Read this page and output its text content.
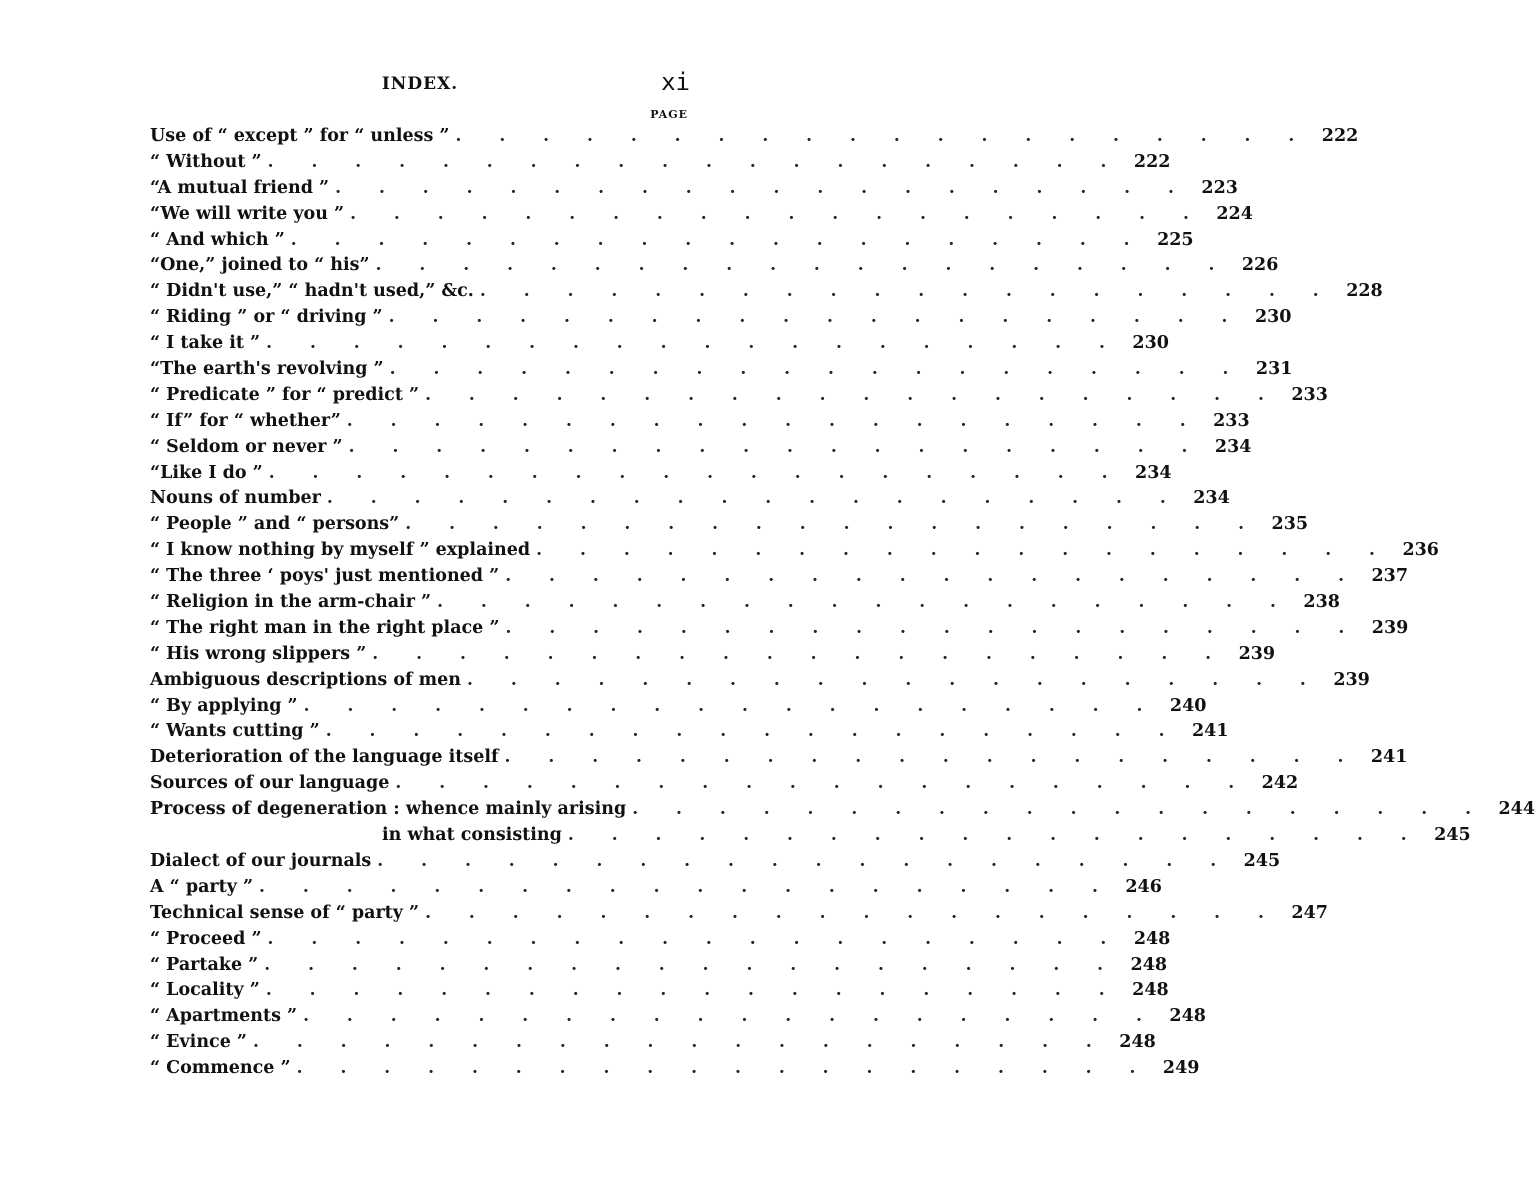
INDEX.	xi
PAGE
Use of “ except ” for “ unless ” . . . . . . . . . . . . . . . . . . . . 222
“ Without ” . . . . . . . . . . . . . . . . . . . . 222
“A mutual friend ” . . . . . . . . . . . . . . . . . . . . 223
“We will write you ” . . . . . . . . . . . . . . . . . . . . 224
“ And which ” . . . . . . . . . . . . . . . . . . . . 225
“One,” joined to “ his” . . . . . . . . . . . . . . . . . . . . 226
“ Didn't use,” “ hadn't used,” &c. . . . . . . . . . . . . . . . . . . . . 228
“ Riding ” or “ driving ” . . . . . . . . . . . . . . . . . . . . 230
“ I take it ” . . . . . . . . . . . . . . . . . . . . 230
“The earth's revolving ” . . . . . . . . . . . . . . . . . . . . 231
“ Predicate ” for “ predict ” . . . . . . . . . . . . . . . . . . . . 233
“ If” for “ whether” . . . . . . . . . . . . . . . . . . . . 233
“ Seldom or never ” . . . . . . . . . . . . . . . . . . . . 234
“Like I do ” . . . . . . . . . . . . . . . . . . . . 234
Nouns of number . . . . . . . . . . . . . . . . . . . . 234
“ People ” and “ persons” . . . . . . . . . . . . . . . . . . . . 235
“ I know nothing by myself ” explained . . . . . . . . . . . . . . . . . . . . 236
“ The three ‘ poys' just mentioned ” . . . . . . . . . . . . . . . . . . . . 237
“ Religion in the arm-chair ” . . . . . . . . . . . . . . . . . . . . 238
“ The right man in the right place ” . . . . . . . . . . . . . . . . . . . . 239
“ His wrong slippers ” . . . . . . . . . . . . . . . . . . . . 239
Ambiguous descriptions of men . . . . . . . . . . . . . . . . . . . . 239
“ By applying ” . . . . . . . . . . . . . . . . . . . . 240
“ Wants cutting ” . . . . . . . . . . . . . . . . . . . . 241
Deterioration of the language itself . . . . . . . . . . . . . . . . . . . . 241
Sources of our language . . . . . . . . . . . . . . . . . . . . 242
Process of degeneration : whence mainly arising . . . . . . . . . . . . . . . . . . . . 244
in what consisting . . . . . . . . . . . . . . . . . . . . 245
Dialect of our journals . . . . . . . . . . . . . . . . . . . . 245
A “ party ” . . . . . . . . . . . . . . . . . . . . 246
Technical sense of “ party ” . . . . . . . . . . . . . . . . . . . . 247
“ Proceed ” . . . . . . . . . . . . . . . . . . . . 248
“ Partake ” . . . . . . . . . . . . . . . . . . . . 248
“ Locality ” . . . . . . . . . . . . . . . . . . . . 248
“ Apartments ” . . . . . . . . . . . . . . . . . . . . 248
“ Evince ” . . . . . . . . . . . . . . . . . . . . 248
“ Commence ” . . . . . . . . . . . . . . . . . . . . 249
